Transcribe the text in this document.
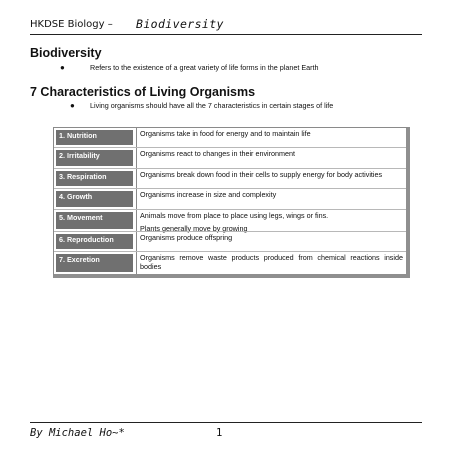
HKDSE Biology – Biodiversity
Biodiversity
●	Refers to the existence of a great variety of life forms in the planet Earth
7 Characteristics of Living Organisms
●	Living organisms should have all the 7 characteristics in certain stages of life
1. Nutrition	Organisms take in food for energy and to maintain life

2. Irritability	Organisms react to changes in their environment

3. Respiration	Organisms break down food in their cells to supply energy for body activities

4. Growth	Organisms increase in size and complexity

5. Movement	Animals move from place to place using legs, wings or fins.

Plants generally move by growing

6. Reproduction	Organisms produce offspring

7. Excretion	Organisms remove waste products produced from chemical reactions inside bodies

By Michael Ho~*	1
